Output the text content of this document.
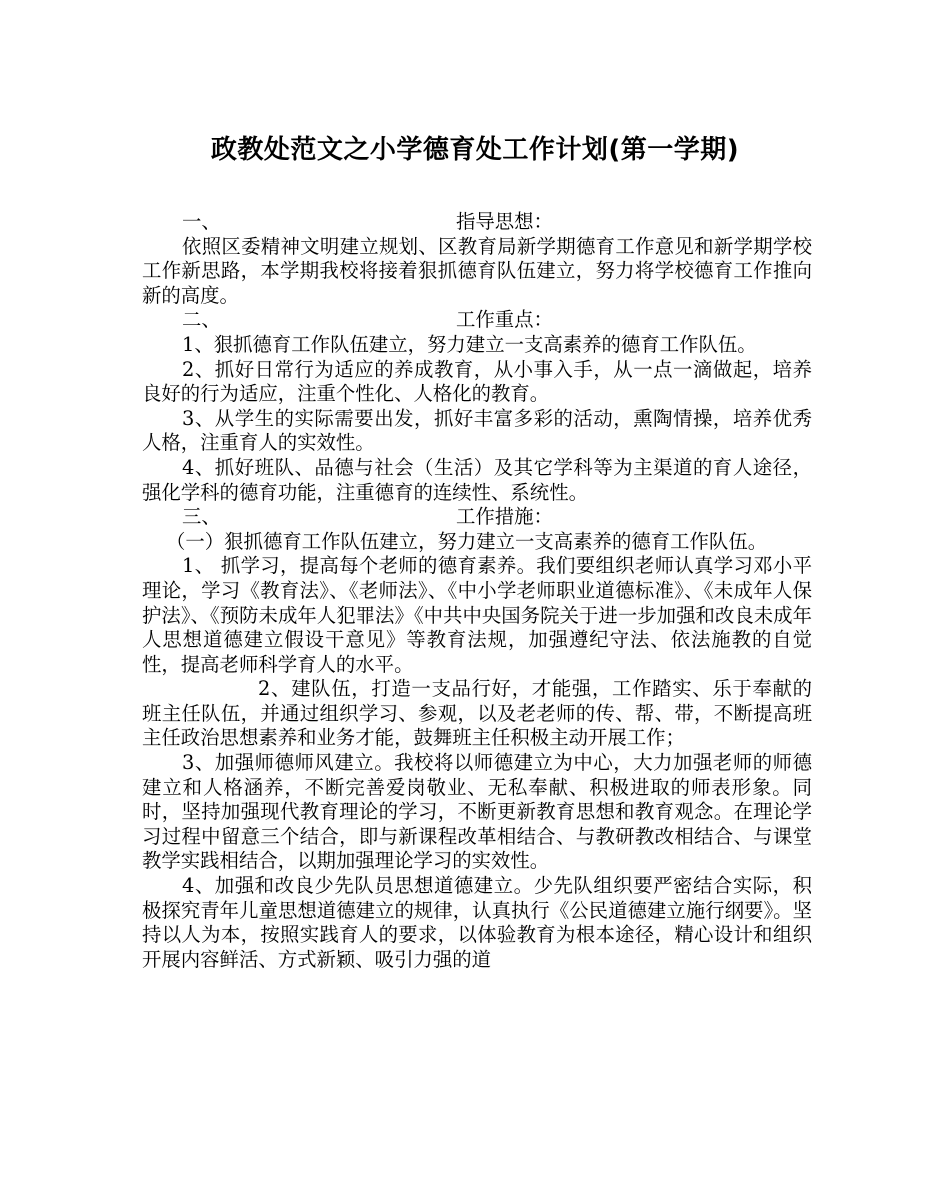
政教处范文之小学德育处工作计划(第一学期)
一、	指导思想：

依照区委精神文明建立规划、区教育局新学期德育工作意见和新学期学校工作新思路，本学期我校将接着狠抓德育队伍建立，努力将学校德育工作推向新的高度。

二、	工作重点：

1、狠抓德育工作队伍建立，努力建立一支高素养的德育工作队伍。

2、抓好日常行为适应的养成教育，从小事入手，从一点一滴做起，培养良好的行为适应，注重个性化、人格化的教育。

3、从学生的实际需要出发，抓好丰富多彩的活动，熏陶情操，培养优秀人格，注重育人的实效性。

4、抓好班队、品德与社会（生活）及其它学科等为主渠道的育人途径，强化学科的德育功能，注重德育的连续性、系统性。

三、	工作措施：

（一）狠抓德育工作队伍建立，努力建立一支高素养的德育工作队伍。

1、 抓学习，提高每个老师的德育素养。我们要组织老师认真学习邓小平理论，学习《教育法》、《老师法》、《中小学老师职业道德标准》、《未成年人保护法》、《预防未成年人犯罪法》《中共中央国务院关于进一步加强和改良未成年人思想道德建立假设干意见》等教育法规，加强遵纪守法、依法施教的自觉性，提高老师科学育人的水平。

2、建队伍，打造一支品行好，才能强，工作踏实、乐于奉献的班主任队伍，并通过组织学习、参观，以及老老师的传、帮、带，不断提高班主任政治思想素养和业务才能，鼓舞班主任积极主动开展工作；

3、加强师德师风建立。我校将以师德建立为中心，大力加强老师的师德建立和人格涵养，不断完善爱岗敬业、无私奉献、积极进取的师表形象。同时，坚持加强现代教育理论的学习，不断更新教育思想和教育观念。在理论学习过程中留意三个结合，即与新课程改革相结合、与教研教改相结合、与课堂教学实践相结合，以期加强理论学习的实效性。

4、加强和改良少先队员思想道德建立。少先队组织要严密结合实际，积极探究青年儿童思想道德建立的规律，认真执行《公民道德建立施行纲要》。坚持以人为本，按照实践育人的要求，以体验教育为根本途径，精心设计和组织开展内容鲜活、方式新颖、吸引力强的道
